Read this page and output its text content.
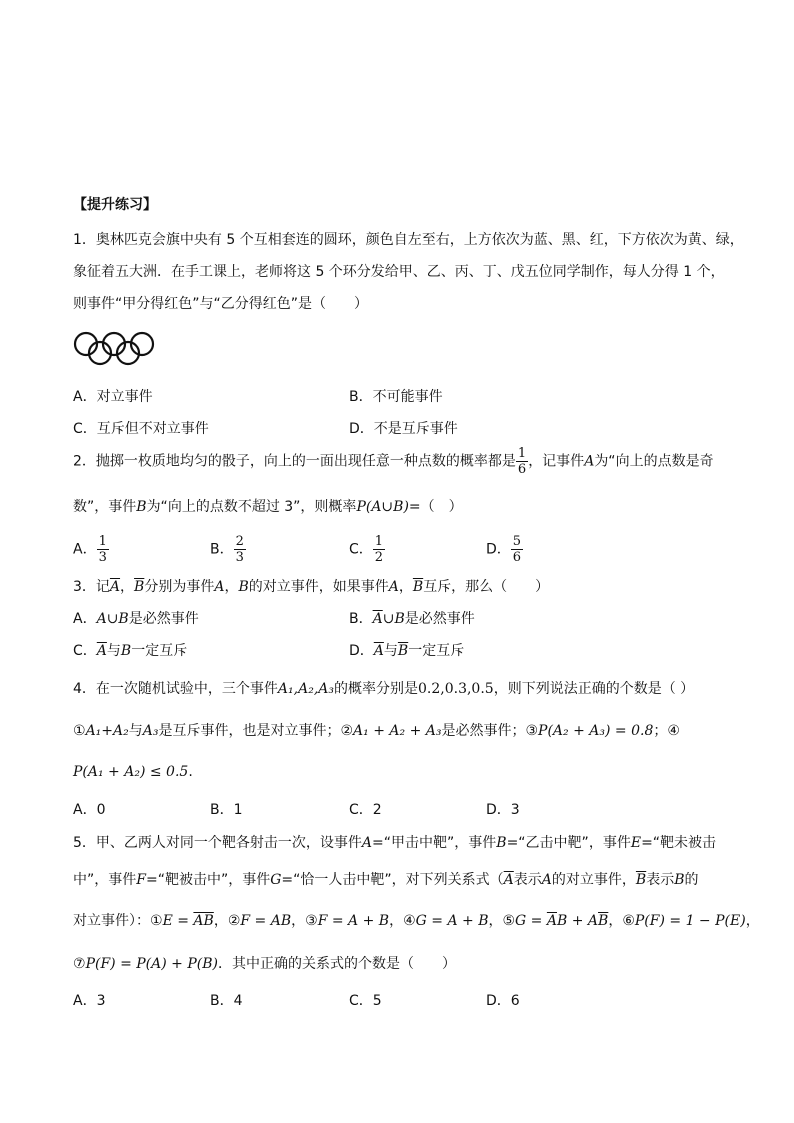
【提升练习】
1．奥林匹克会旗中央有 5 个互相套连的圆环，颜色自左至右，上方依次为蓝、黑、红，下方依次为黄、绿，
象征着五大洲．在手工课上，老师将这 5 个环分发给甲、乙、丙、丁、戊五位同学制作，每人分得 1 个，
则事件“甲分得红色”与“乙分得红色”是（　　）
A．对立事件	B．不可能事件
C．互斥但不对立事件	D．不是互斥事件
2．抛掷一枚质地均匀的骰子，向上的一面出现任意一种点数的概率都是 $\frac{1}{6}$ ，记事件A为“向上的点数是奇
数”，事件B为“向上的点数不超过 3”，则概率P(A∪B)=（　）
A． $\frac{1}{3}$	B． $\frac{2}{3}$	C． $\frac{1}{2}$	D． $\frac{5}{6}$
3．记$\overline{A}$，$\overline{B}$分别为事件A，B的对立事件，如果事件A，$\overline{B}$互斥，那么（　　）
A．A∪B是必然事件	B．$\overline{A}\cup B$是必然事件
C．$\overline{A}$与B一定互斥	D．$\overline{A}$与$\overline{B}$一定互斥
4．在一次随机试验中，三个事件A₁,A₂,A₃的概率分别是0.2,0.3,0.5，则下列说法正确的个数是（ ）
①A₁+A₂与A₃是互斥事件，也是对立事件；②A₁ + A₂ + A₃是必然事件；③P(A₂ + A₃) = 0.8；④
P(A₁ + A₂) ≤ 0.5.
A．0	B．1	C．2	D．3
5．甲、乙两人对同一个靶各射击一次，设事件A=“甲击中靶”，事件B=“乙击中靶”，事件E=“靶未被击
中”，事件F=“靶被击中”，事件G=“恰一人击中靶”，对下列关系式（$\overline{A}$表示A的对立事件，$\overline{B}$表示B的
对立事件）：①E = $\overline{AB}$，②F = AB，③F = A + B，④G = A + B，⑤G = $\overline{A}B + A\overline{B}$，⑥P(F) = 1 − P(E)，
⑦P(F) = P(A) + P(B)．其中正确的关系式的个数是（　　）
A．3	B．4	C．5	D．6
